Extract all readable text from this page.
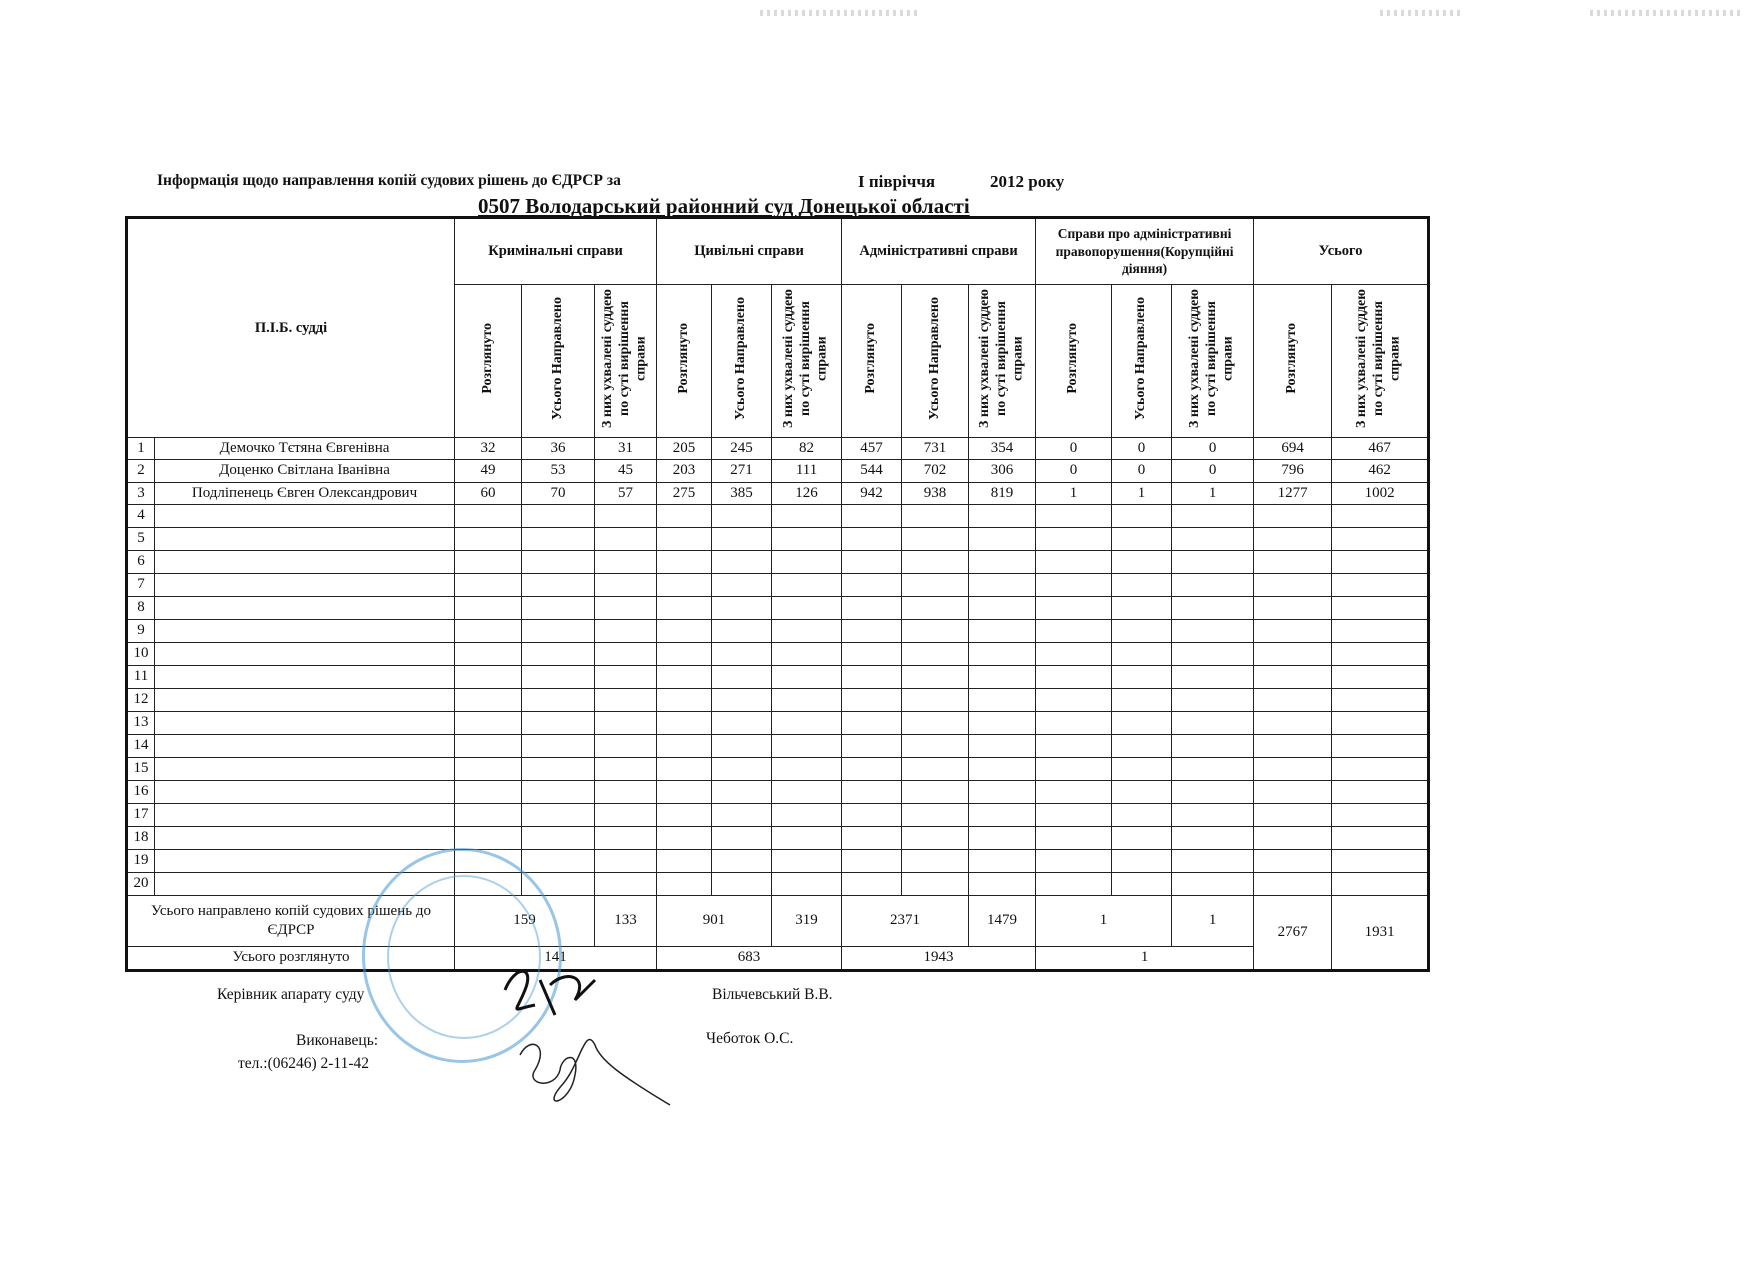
Інформація щодо направлення копій судових рішень до ЄДРСР за	І півріччя	2012 року
0507 Володарський районний суд Донецької області
П.І.Б. судді		Кримінальні справи			Цивільні справи			Адміністративні справи			Справи про адміністративні правопорушення(Корупційні діяння)			Усього	
		Розглянуто	Усього Направлено	З них ухвалені суддею по суті вирішення справи	Розглянуто	Усього Направлено	З них ухвалені суддею по суті вирішення справи	Розглянуто	Усього Направлено	З них ухвалені суддею по суті вирішення справи	Розглянуто	Усього Направлено	З них ухвалені суддею по суті вирішення справи	Розглянуто	З них ухвалені суддею по суті вирішення справи
1	Демочко Тєтяна Євгенівна	32	36	31	205	245	82	457	731	354	0	0	0	694	467
2	Доценко Світлана Іванівна	49	53	45	203	271	111	544	702	306	0	0	0	796	462
3	Подліпенець Євген Олександрович	60	70	57	275	385	126	942	938	819	1	1	1	1277	1002
4															
5															
6															
7															
8															
9															
10															
11															
12															
13															
14															
15															
16															
17															
18															
19															
20															
Усього направлено копій судових рішень до ЄДРСР		159		133	901		319	2371		1479	1		1	2767	1931
Усього розглянуто		141			683			1943			1				
Керівник апарату суду	Вільчевський В.В.
Виконавець:	Чеботок О.С.
тел.:(06246) 2-11-42
